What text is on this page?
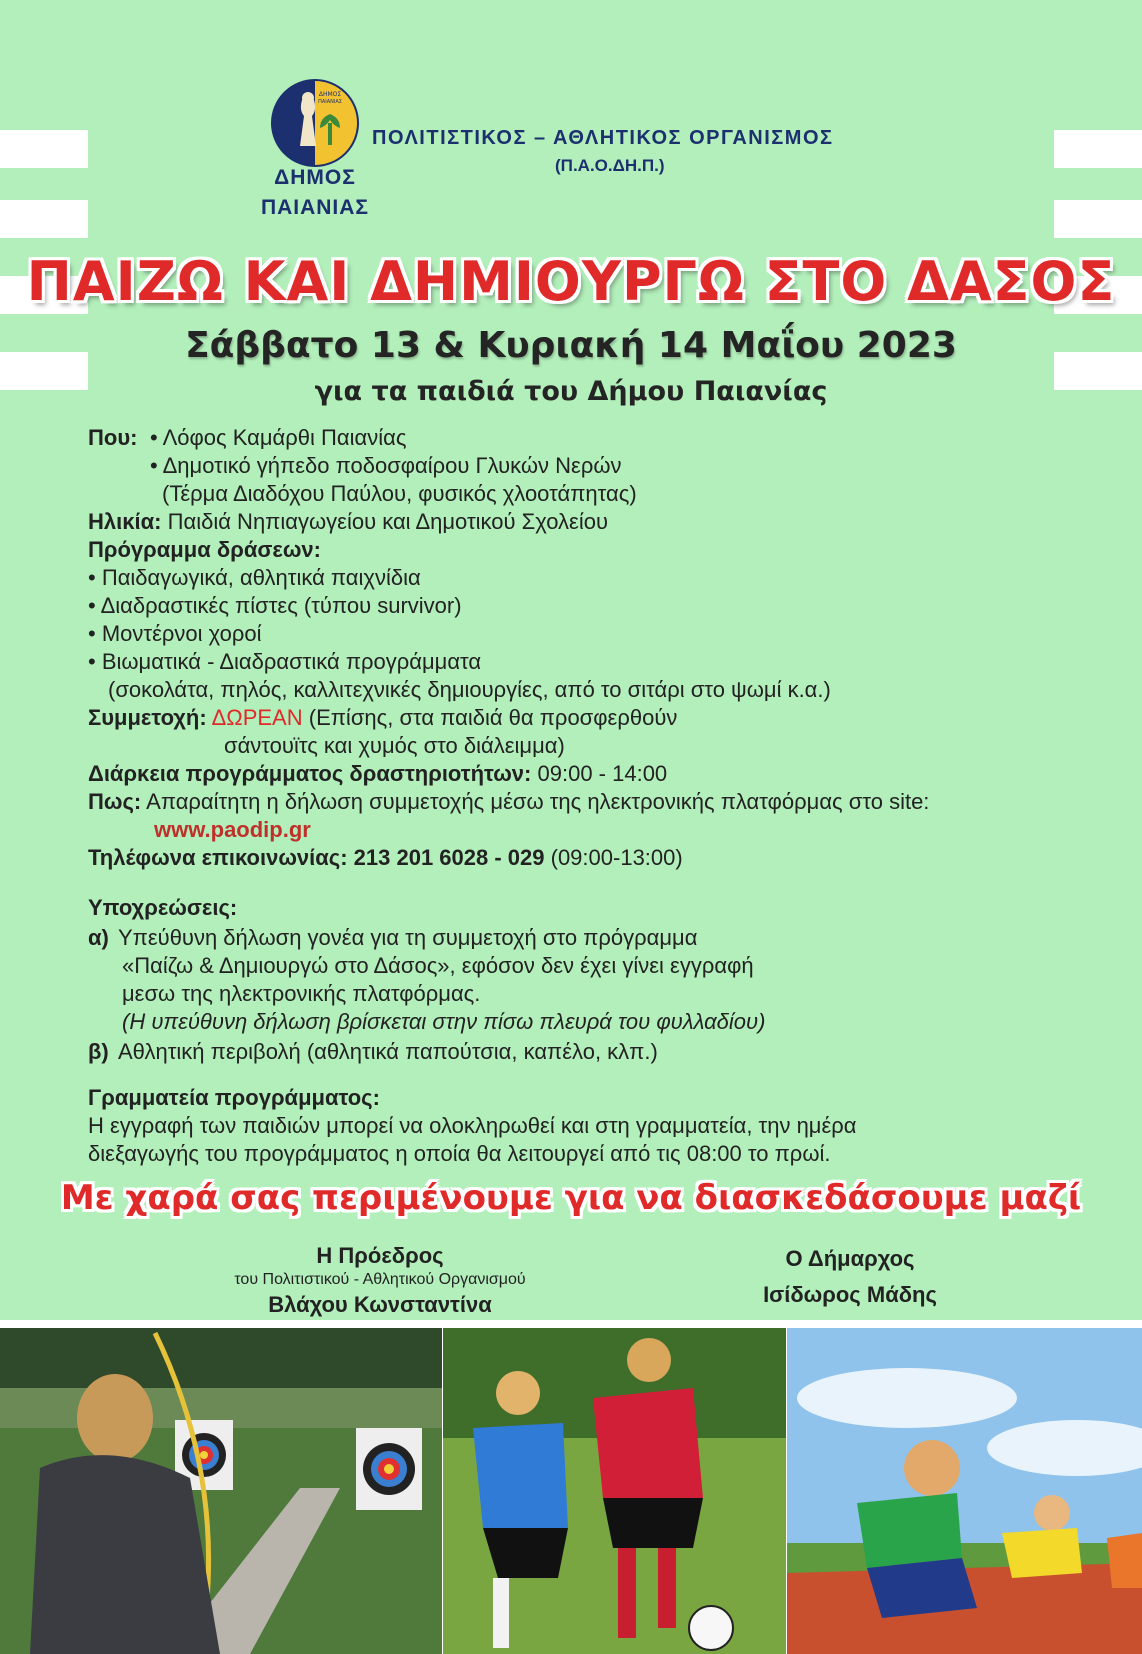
ΔΗΜΟΣ
ΠΑΙΑΝΙΑΣ
ΔΗΜΟΣ
ΠΑΙΑΝΙΑΣ
ΠΟΛΙΤΙΣΤΙΚΟΣ – ΑΘΛΗΤΙΚΟΣ ΟΡΓΑΝΙΣΜΟΣ
(Π.Α.Ο.ΔΗ.Π.)
ΠΑΙΖΩ ΚΑΙ ΔΗΜΙΟΥΡΓΩ ΣΤΟ ΔΑΣΟΣ
Σάββατο 13 & Κυριακή 14 Μαΐου 2023
για τα παιδιά του Δήμου Παιανίας
Που: • Λόφος Καμάρθι Παιανίας
• Δημοτικό γήπεδο ποδοσφαίρου Γλυκών Νερών
(Τέρμα Διαδόχου Παύλου, φυσικός χλοοτάπητας)
Ηλικία: Παιδιά Νηπιαγωγείου και Δημοτικού Σχολείου
Πρόγραμμα δράσεων:
• Παιδαγωγικά, αθλητικά παιχνίδια
• Διαδραστικές πίστες (τύπου survivor)
• Μοντέρνοι χοροί
• Βιωματικά - Διαδραστικά προγράμματα
(σοκολάτα, πηλός, καλλιτεχνικές δημιουργίες, από το σιτάρι στο ψωμί κ.α.)
Συμμετοχή: ΔΩΡΕΑΝ (Επίσης, στα παιδιά θα προσφερθούν
σάντουϊτς και χυμός στο διάλειμμα)
Διάρκεια προγράμματος δραστηριοτήτων: 09:00 - 14:00
Πως: Απαραίτητη η δήλωση συμμετοχής μέσω της ηλεκτρονικής πλατφόρμας στο site:
www.paodip.gr
Τηλέφωνα επικοινωνίας: 213 201 6028 - 029 (09:00-13:00)
Υποχρεώσεις:
α) Υπεύθυνη δήλωση γονέα για τη συμμετοχή στο πρόγραμμα
«Παίζω & Δημιουργώ στο Δάσος», εφόσον δεν έχει γίνει εγγραφή
μεσω της ηλεκτρονικής πλατφόρμας.
(Η υπεύθυνη δήλωση βρίσκεται στην πίσω πλευρά του φυλλαδίου)
β) Αθλητική περιβολή (αθλητικά παπούτσια, καπέλο, κλπ.)
Γραμματεία προγράμματος:
Η εγγραφή των παιδιών μπορεί να ολοκληρωθεί και στη γραμματεία, την ημέρα
διεξαγωγής του προγράμματος η οποία θα λειτουργεί από τις 08:00 το πρωί.
Με χαρά σας περιμένουμε για να διασκεδάσουμε μαζί
Η Πρόεδρος
του Πολιτιστικού - Αθλητικού Οργανισμού
Βλάχου Κωνσταντίνα
Ο Δήμαρχος
Ισίδωρος Μάδης
